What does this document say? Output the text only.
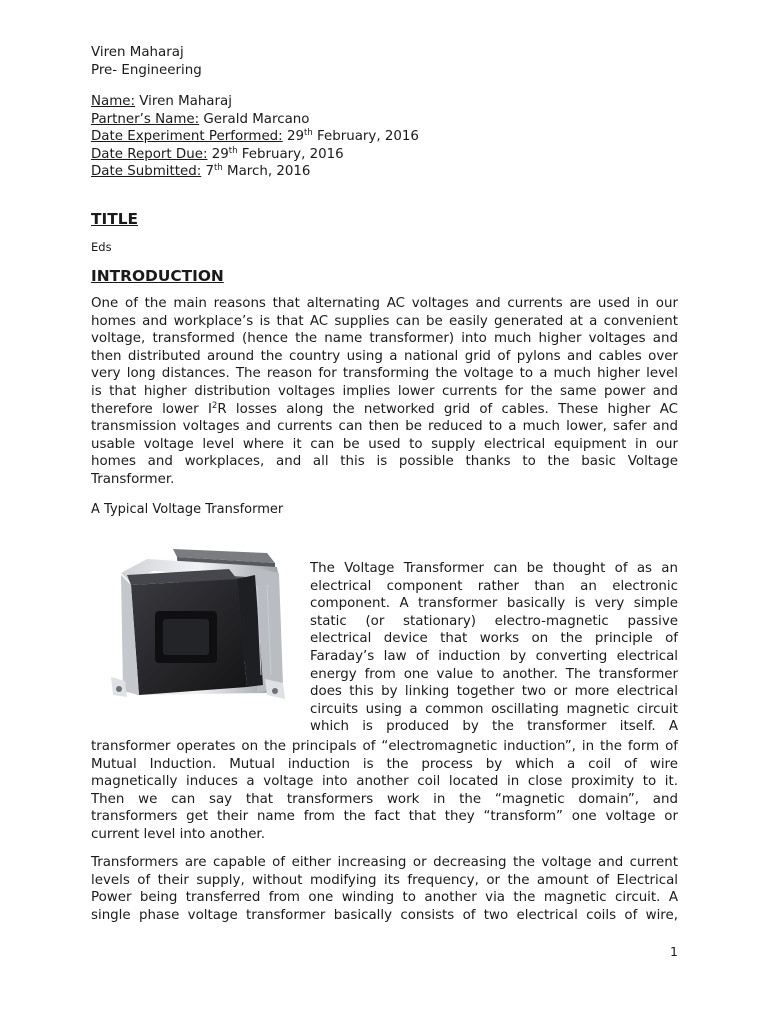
Viren Maharaj
Pre- Engineering
Name: Viren Maharaj
Partner’s Name: Gerald Marcano
Date Experiment Performed: 29th February, 2016
Date Report Due: 29th February, 2016
Date Submitted: 7th March, 2016
TITLE
Eds
INTRODUCTION
One of the main reasons that alternating AC voltages and currents are used in our
homes and workplace’s is that AC supplies can be easily generated at a convenient
voltage, transformed (hence the name transformer) into much higher voltages and
then distributed around the country using a national grid of pylons and cables over
very long distances. The reason for transforming the voltage to a much higher level
is that higher distribution voltages implies lower currents for the same power and
therefore lower $I^2R$ losses along the networked grid of cables. These higher AC
transmission voltages and currents can then be reduced to a much lower, safer and
usable voltage level where it can be used to supply electrical equipment in our
homes and workplaces, and all this is possible thanks to the basic Voltage
Transformer.
A Typical Voltage Transformer
The Voltage Transformer can be thought of as an
electrical component rather than an electronic
component. A transformer basically is very simple
static (or stationary) electro-magnetic passive
electrical device that works on the principle of
Faraday’s law of induction by converting electrical
energy from one value to another. The transformer
does this by linking together two or more electrical
circuits using a common oscillating magnetic circuit
which is produced by the transformer itself. A
transformer operates on the principals of “electromagnetic induction”, in the form of
Mutual Induction. Mutual induction is the process by which a coil of wire
magnetically induces a voltage into another coil located in close proximity to it.
Then we can say that transformers work in the “magnetic domain”, and
transformers get their name from the fact that they “transform” one voltage or
current level into another.
Transformers are capable of either increasing or decreasing the voltage and current
levels of their supply, without modifying its frequency, or the amount of Electrical
Power being transferred from one winding to another via the magnetic circuit. A
single phase voltage transformer basically consists of two electrical coils of wire,
1
